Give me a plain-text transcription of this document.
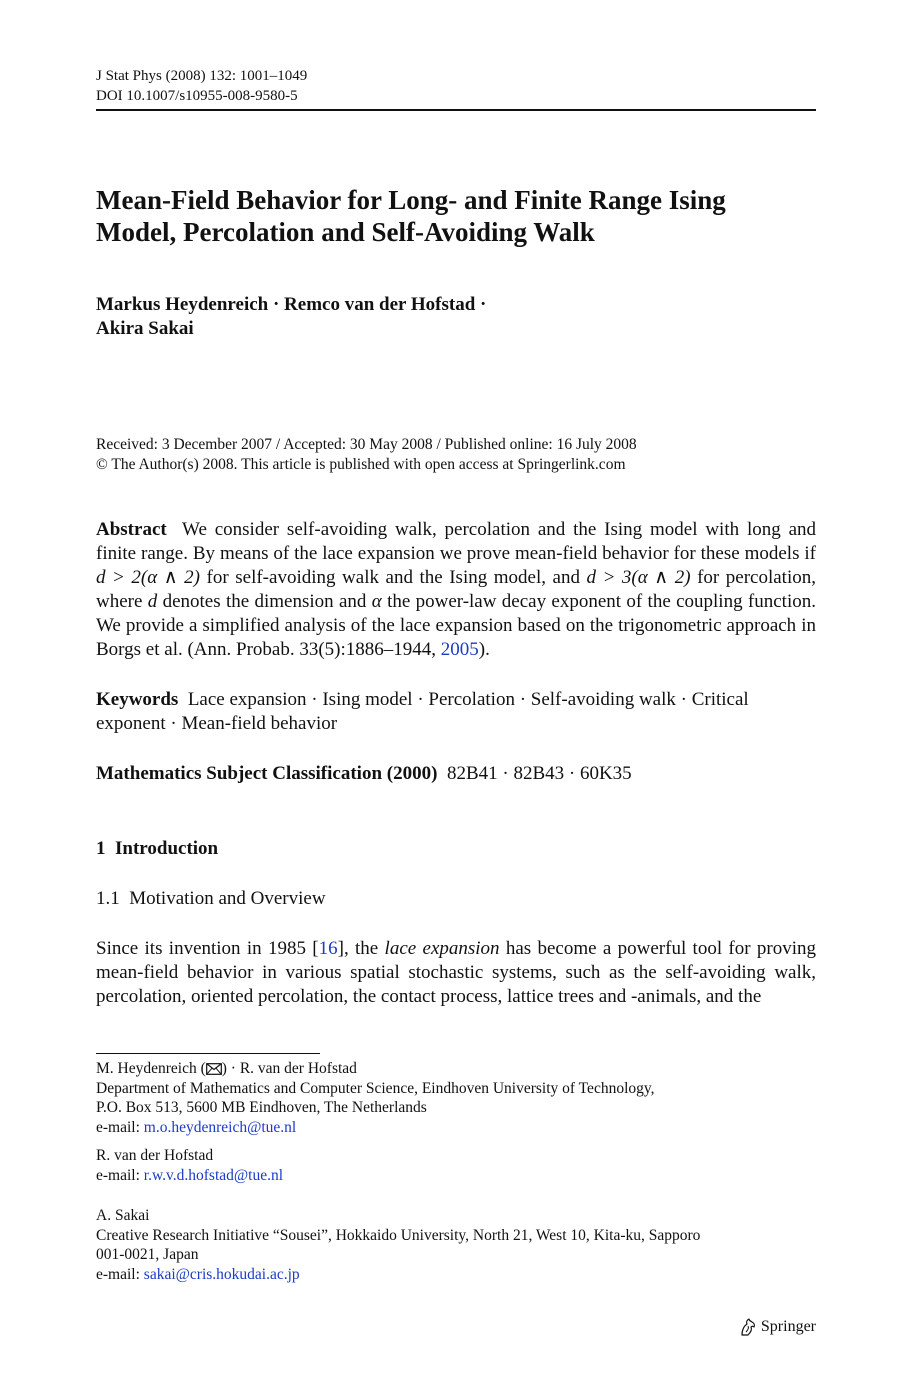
J Stat Phys (2008) 132: 1001–1049
DOI 10.1007/s10955-008-9580-5
Mean-Field Behavior for Long- and Finite Range Ising
Model, Percolation and Self-Avoiding Walk
Markus Heydenreich · Remco van der Hofstad ·
Akira Sakai
Received: 3 December 2007 / Accepted: 30 May 2008 / Published online: 16 July 2008
© The Author(s) 2008. This article is published with open access at Springerlink.com
Abstract We consider self-avoiding walk, percolation and the Ising model with long and finite range. By means of the lace expansion we prove mean-field behavior for these models if d > 2(α ∧ 2) for self-avoiding walk and the Ising model, and d > 3(α ∧ 2) for percolation, where d denotes the dimension and α the power-law decay exponent of the coupling function. We provide a simplified analysis of the lace expansion based on the trigonometric approach in Borgs et al. (Ann. Probab. 33(5):1886–1944, 2005).
Keywords Lace expansion · Ising model · Percolation · Self-avoiding walk · Critical exponent · Mean-field behavior
Mathematics Subject Classification (2000) 82B41 · 82B43 · 60K35
1 Introduction
1.1 Motivation and Overview
Since its invention in 1985 [16], the lace expansion has become a powerful tool for proving mean-field behavior in various spatial stochastic systems, such as the self-avoiding walk, percolation, oriented percolation, the contact process, lattice trees and -animals, and the
M. Heydenreich ( ) · R. van der Hofstad
Department of Mathematics and Computer Science, Eindhoven University of Technology,
P.O. Box 513, 5600 MB Eindhoven, The Netherlands
e-mail: m.o.heydenreich@tue.nl
R. van der Hofstad
e-mail: r.w.v.d.hofstad@tue.nl
A. Sakai
Creative Research Initiative “Sousei”, Hokkaido University, North 21, West 10, Kita-ku, Sapporo
001-0021, Japan
e-mail: sakai@cris.hokudai.ac.jp
Springer
